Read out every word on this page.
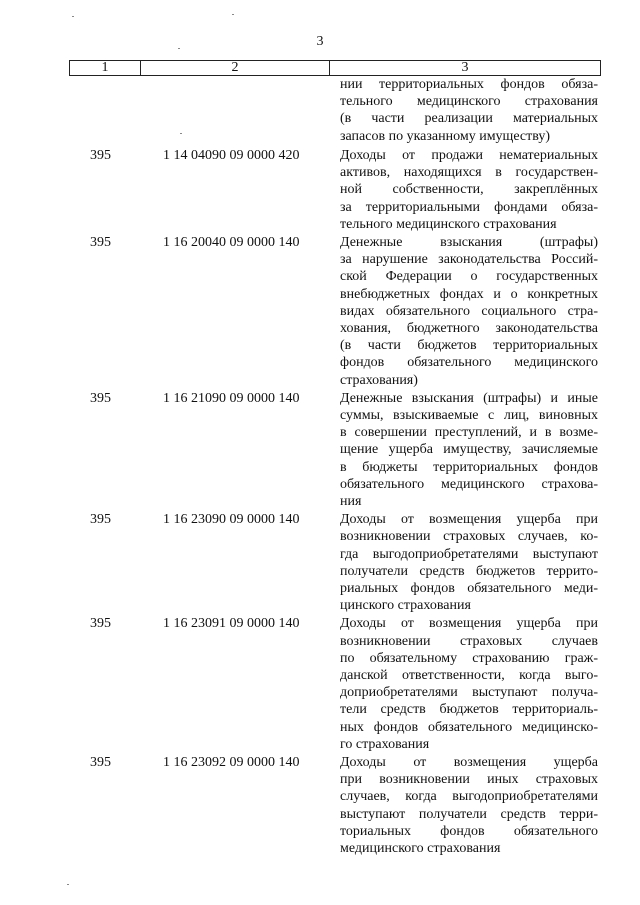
3
1	2	3
нии территориальных фондов обяза-
тельного медицинского страхования
(в части реализации материальных
запасов по указанному имуществу)
395	1 14 04090 09 0000 420	Доходы от продажи нематериальных
активов, находящихся в государствен-
ной собственности, закреплённых
за территориальными фондами обяза-
тельного медицинского страхования
395	1 16 20040 09 0000 140	Денежные взыскания (штрафы)
за нарушение законодательства Россий-
ской Федерации о государственных
внебюджетных фондах и о конкретных
видах обязательного социального стра-
хования, бюджетного законодательства
(в части бюджетов территориальных
фондов обязательного медицинского
страхования)
395	1 16 21090 09 0000 140	Денежные взыскания (штрафы) и иные
суммы, взыскиваемые с лиц, виновных
в совершении преступлений, и в возме-
щение ущерба имуществу, зачисляемые
в бюджеты территориальных фондов
обязательного медицинского страхова-
ния
395	1 16 23090 09 0000 140	Доходы от возмещения ущерба при
возникновении страховых случаев, ко-
гда выгодоприобретателями выступают
получатели средств бюджетов террито-
риальных фондов обязательного меди-
цинского страхования
395	1 16 23091 09 0000 140	Доходы от возмещения ущерба при
возникновении страховых случаев
по обязательному страхованию граж-
данской ответственности, когда выго-
доприобретателями выступают получа-
тели средств бюджетов территориаль-
ных фондов обязательного медицинско-
го страхования
395	1 16 23092 09 0000 140	Доходы от возмещения ущерба
при возникновении иных страховых
случаев, когда выгодоприобретателями
выступают получатели средств терри-
ториальных фондов обязательного
медицинского страхования
